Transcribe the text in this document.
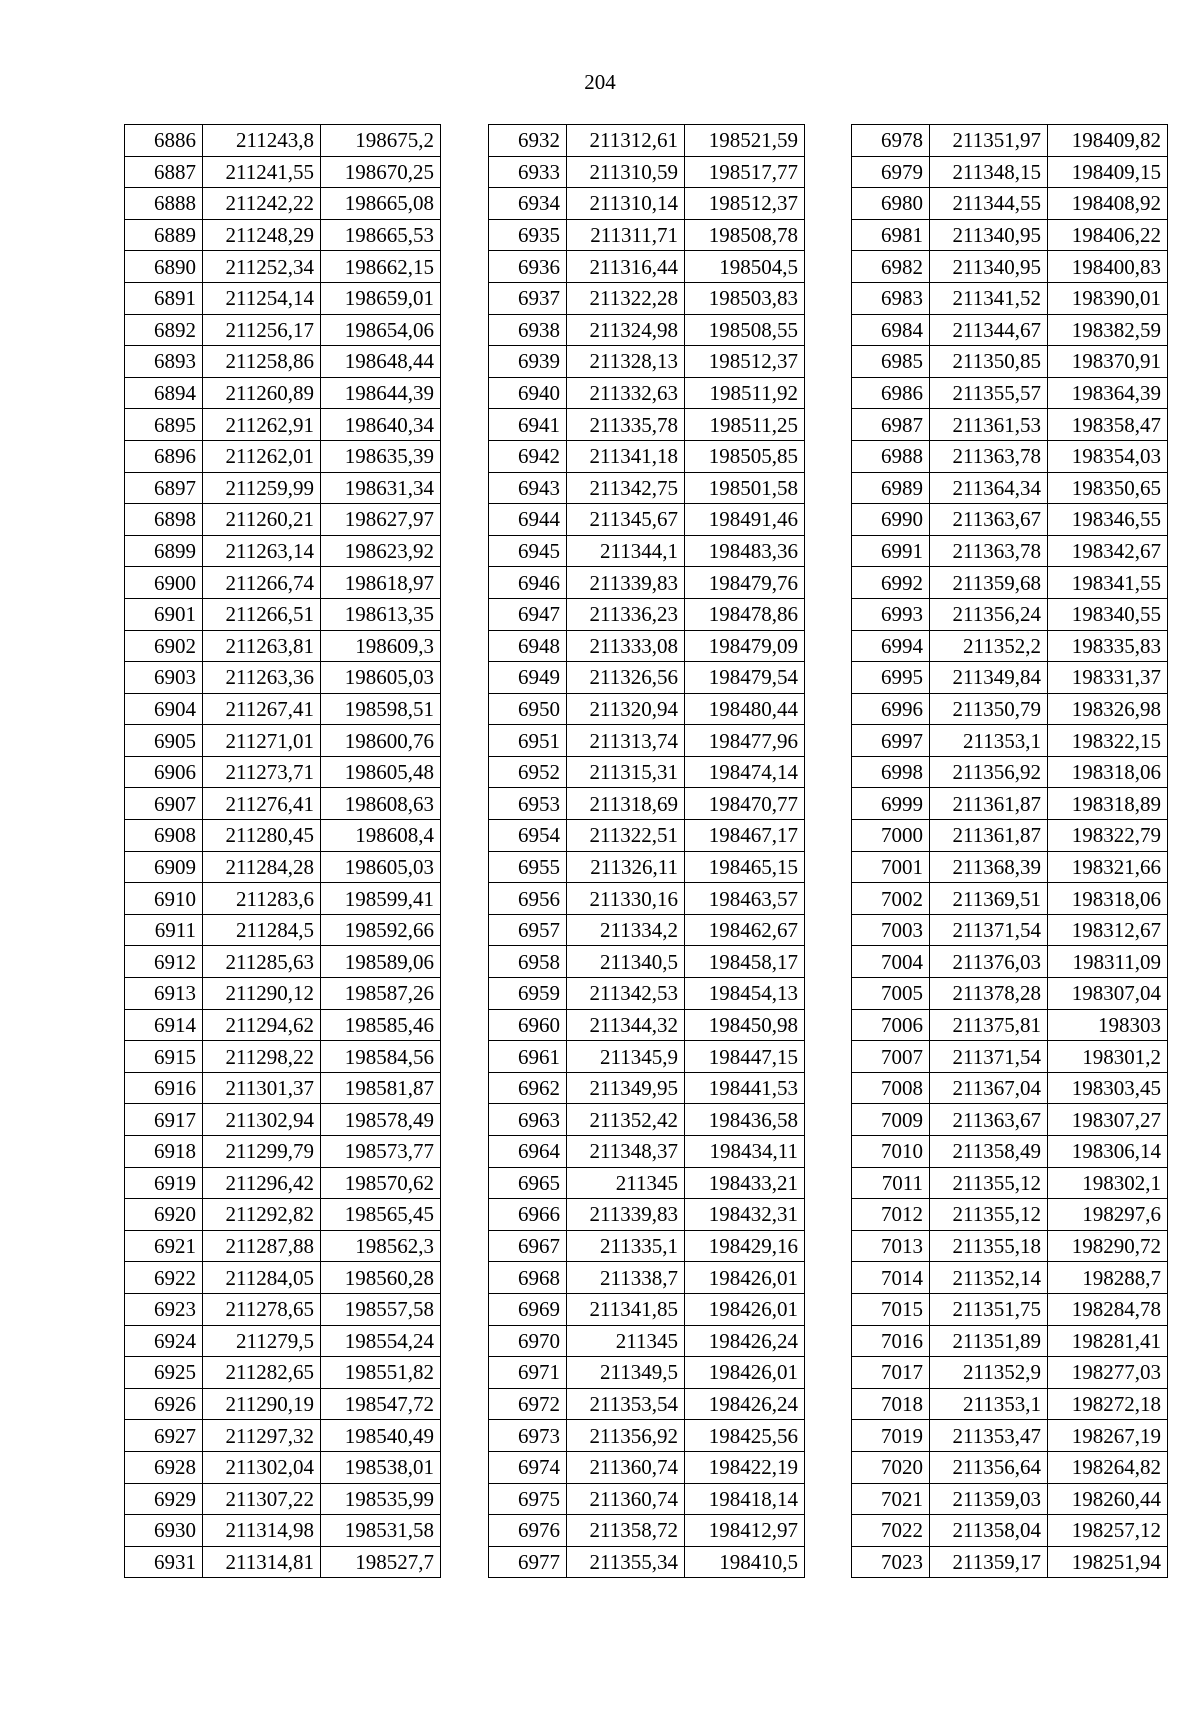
204
6886	211243,8	198675,2
6887	211241,55	198670,25
6888	211242,22	198665,08
6889	211248,29	198665,53
6890	211252,34	198662,15
6891	211254,14	198659,01
6892	211256,17	198654,06
6893	211258,86	198648,44
6894	211260,89	198644,39
6895	211262,91	198640,34
6896	211262,01	198635,39
6897	211259,99	198631,34
6898	211260,21	198627,97
6899	211263,14	198623,92
6900	211266,74	198618,97
6901	211266,51	198613,35
6902	211263,81	198609,3
6903	211263,36	198605,03
6904	211267,41	198598,51
6905	211271,01	198600,76
6906	211273,71	198605,48
6907	211276,41	198608,63
6908	211280,45	198608,4
6909	211284,28	198605,03
6910	211283,6	198599,41
6911	211284,5	198592,66
6912	211285,63	198589,06
6913	211290,12	198587,26
6914	211294,62	198585,46
6915	211298,22	198584,56
6916	211301,37	198581,87
6917	211302,94	198578,49
6918	211299,79	198573,77
6919	211296,42	198570,62
6920	211292,82	198565,45
6921	211287,88	198562,3
6922	211284,05	198560,28
6923	211278,65	198557,58
6924	211279,5	198554,24
6925	211282,65	198551,82
6926	211290,19	198547,72
6927	211297,32	198540,49
6928	211302,04	198538,01
6929	211307,22	198535,99
6930	211314,98	198531,58
6931	211314,81	198527,7
6932	211312,61	198521,59
6933	211310,59	198517,77
6934	211310,14	198512,37
6935	211311,71	198508,78
6936	211316,44	198504,5
6937	211322,28	198503,83
6938	211324,98	198508,55
6939	211328,13	198512,37
6940	211332,63	198511,92
6941	211335,78	198511,25
6942	211341,18	198505,85
6943	211342,75	198501,58
6944	211345,67	198491,46
6945	211344,1	198483,36
6946	211339,83	198479,76
6947	211336,23	198478,86
6948	211333,08	198479,09
6949	211326,56	198479,54
6950	211320,94	198480,44
6951	211313,74	198477,96
6952	211315,31	198474,14
6953	211318,69	198470,77
6954	211322,51	198467,17
6955	211326,11	198465,15
6956	211330,16	198463,57
6957	211334,2	198462,67
6958	211340,5	198458,17
6959	211342,53	198454,13
6960	211344,32	198450,98
6961	211345,9	198447,15
6962	211349,95	198441,53
6963	211352,42	198436,58
6964	211348,37	198434,11
6965	211345	198433,21
6966	211339,83	198432,31
6967	211335,1	198429,16
6968	211338,7	198426,01
6969	211341,85	198426,01
6970	211345	198426,24
6971	211349,5	198426,01
6972	211353,54	198426,24
6973	211356,92	198425,56
6974	211360,74	198422,19
6975	211360,74	198418,14
6976	211358,72	198412,97
6977	211355,34	198410,5
6978	211351,97	198409,82
6979	211348,15	198409,15
6980	211344,55	198408,92
6981	211340,95	198406,22
6982	211340,95	198400,83
6983	211341,52	198390,01
6984	211344,67	198382,59
6985	211350,85	198370,91
6986	211355,57	198364,39
6987	211361,53	198358,47
6988	211363,78	198354,03
6989	211364,34	198350,65
6990	211363,67	198346,55
6991	211363,78	198342,67
6992	211359,68	198341,55
6993	211356,24	198340,55
6994	211352,2	198335,83
6995	211349,84	198331,37
6996	211350,79	198326,98
6997	211353,1	198322,15
6998	211356,92	198318,06
6999	211361,87	198318,89
7000	211361,87	198322,79
7001	211368,39	198321,66
7002	211369,51	198318,06
7003	211371,54	198312,67
7004	211376,03	198311,09
7005	211378,28	198307,04
7006	211375,81	198303
7007	211371,54	198301,2
7008	211367,04	198303,45
7009	211363,67	198307,27
7010	211358,49	198306,14
7011	211355,12	198302,1
7012	211355,12	198297,6
7013	211355,18	198290,72
7014	211352,14	198288,7
7015	211351,75	198284,78
7016	211351,89	198281,41
7017	211352,9	198277,03
7018	211353,1	198272,18
7019	211353,47	198267,19
7020	211356,64	198264,82
7021	211359,03	198260,44
7022	211358,04	198257,12
7023	211359,17	198251,94
